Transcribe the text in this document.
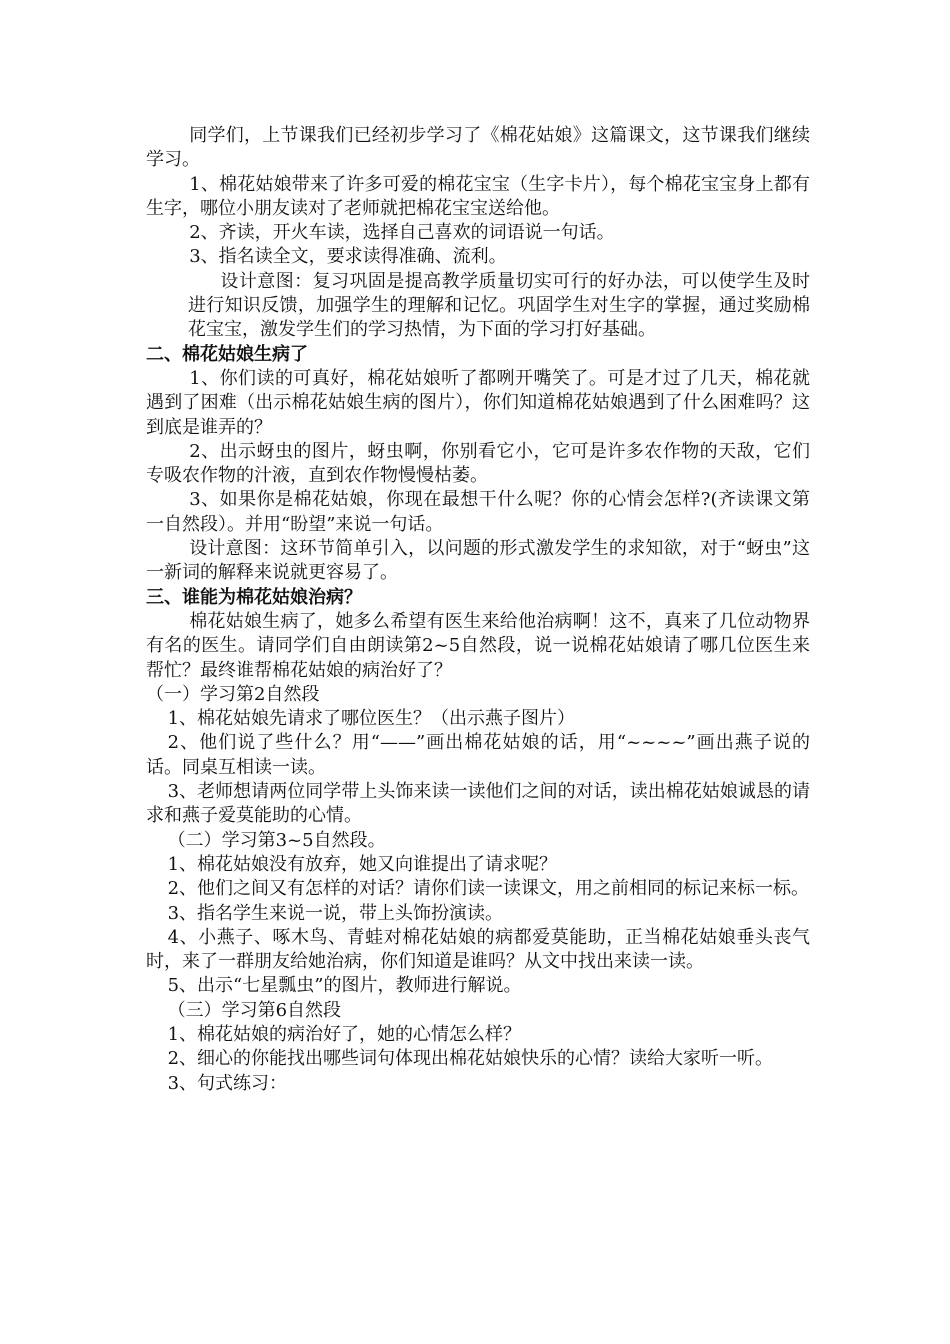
同学们，上节课我们已经初步学习了《棉花姑娘》这篇课文，这节课我们继续学习。

1、棉花姑娘带来了许多可爱的棉花宝宝（生字卡片），每个棉花宝宝身上都有生字，哪位小朋友读对了老师就把棉花宝宝送给他。

2、齐读，开火车读，选择自己喜欢的词语说一句话。

3、指名读全文，要求读得准确、流利。

设计意图：复习巩固是提高教学质量切实可行的好办法，可以使学生及时进行知识反馈，加强学生的理解和记忆。巩固学生对生字的掌握，通过奖励棉花宝宝，激发学生们的学习热情，为下面的学习打好基础。

二、棉花姑娘生病了

1、你们读的可真好，棉花姑娘听了都咧开嘴笑了。可是才过了几天，棉花就遇到了困难（出示棉花姑娘生病的图片），你们知道棉花姑娘遇到了什么困难吗？这到底是谁弄的？

2、出示蚜虫的图片，蚜虫啊，你别看它小，它可是许多农作物的天敌，它们专吸农作物的汁液，直到农作物慢慢枯萎。

3、如果你是棉花姑娘，你现在最想干什么呢？你的心情会怎样?(齐读课文第一自然段）。并用“盼望”来说一句话。

设计意图：这环节简单引入，以问题的形式激发学生的求知欲，对于“蚜虫”这一新词的解释来说就更容易了。

三、谁能为棉花姑娘治病？

棉花姑娘生病了，她多么希望有医生来给他治病啊！这不，真来了几位动物界有名的医生。请同学们自由朗读第2~5自然段，说一说棉花姑娘请了哪几位医生来帮忙？最终谁帮棉花姑娘的病治好了？

（一）学习第2自然段

1、棉花姑娘先请求了哪位医生？（出示燕子图片）

2、他们说了些什么？用“——”画出棉花姑娘的话，用“~~~~”画出燕子说的话。同桌互相读一读。

3、老师想请两位同学带上头饰来读一读他们之间的对话，读出棉花姑娘诚恳的请求和燕子爱莫能助的心情。

（二）学习第3~5自然段。

1、棉花姑娘没有放弃，她又向谁提出了请求呢？

2、他们之间又有怎样的对话？请你们读一读课文，用之前相同的标记来标一标。

3、指名学生来说一说，带上头饰扮演读。

4、小燕子、啄木鸟、青蛙对棉花姑娘的病都爱莫能助，正当棉花姑娘垂头丧气时，来了一群朋友给她治病，你们知道是谁吗？从文中找出来读一读。

5、出示“七星瓢虫”的图片，教师进行解说。

（三）学习第6自然段

1、棉花姑娘的病治好了，她的心情怎么样？

2、细心的你能找出哪些词句体现出棉花姑娘快乐的心情？读给大家听一听。

3、句式练习：
